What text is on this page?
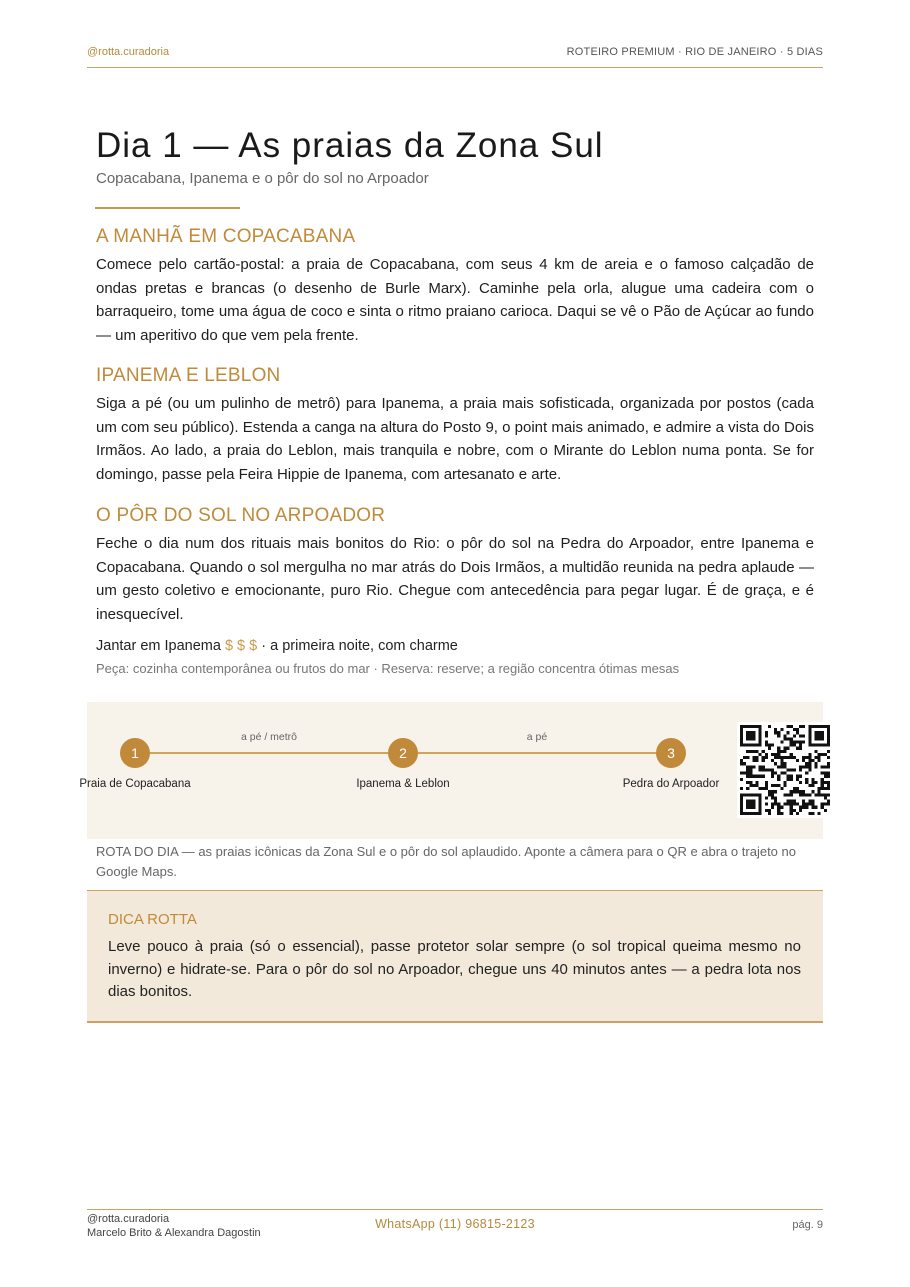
@rotta.curadoria	ROTEIRO PREMIUM · RIO DE JANEIRO · 5 DIAS
Dia 1 — As praias da Zona Sul
Copacabana, Ipanema e o pôr do sol no Arpoador
A MANHÃ EM COPACABANA

Comece pelo cartão-postal: a praia de Copacabana, com seus 4 km de areia e o famoso calçadão de ondas pretas e brancas (o desenho de Burle Marx). Caminhe pela orla, alugue uma cadeira com o barraqueiro, tome uma água de coco e sinta o ritmo praiano carioca. Daqui se vê o Pão de Açúcar ao fundo — um aperitivo do que vem pela frente.

IPANEMA E LEBLON

Siga a pé (ou um pulinho de metrô) para Ipanema, a praia mais sofisticada, organizada por postos (cada um com seu público). Estenda a canga na altura do Posto 9, o point mais animado, e admire a vista do Dois Irmãos. Ao lado, a praia do Leblon, mais tranquila e nobre, com o Mirante do Leblon numa ponta. Se for domingo, passe pela Feira Hippie de Ipanema, com artesanato e arte.

O PÔR DO SOL NO ARPOADOR

Feche o dia num dos rituais mais bonitos do Rio: o pôr do sol na Pedra do Arpoador, entre Ipanema e Copacabana. Quando o sol mergulha no mar atrás do Dois Irmãos, a multidão reunida na pedra aplaude — um gesto coletivo e emocionante, puro Rio. Chegue com antecedência para pegar lugar. É de graça, e é inesquecível.

Jantar em Ipanema $ $ $ · a primeira noite, com charme
Peça: cozinha contemporânea ou frutos do mar · Reserva: reserve; a região concentra ótimas mesas
a pé / metrô	a pé
1	2	3
Praia de Copacabana	Ipanema & Leblon	Pedra do Arpoador

ROTA DO DIA — as praias icônicas da Zona Sul e o pôr do sol aplaudido. Aponte a câmera para o QR e abra o trajeto no Google Maps.

DICA ROTTA

Leve pouco à praia (só o essencial), passe protetor solar sempre (o sol tropical queima mesmo no inverno) e hidrate-se. Para o pôr do sol no Arpoador, chegue uns 40 minutos antes — a pedra lota nos dias bonitos.

@rotta.curadoria
Marcelo Brito & Alexandra Dagostin
WhatsApp (11) 96815-2123	pág. 9
